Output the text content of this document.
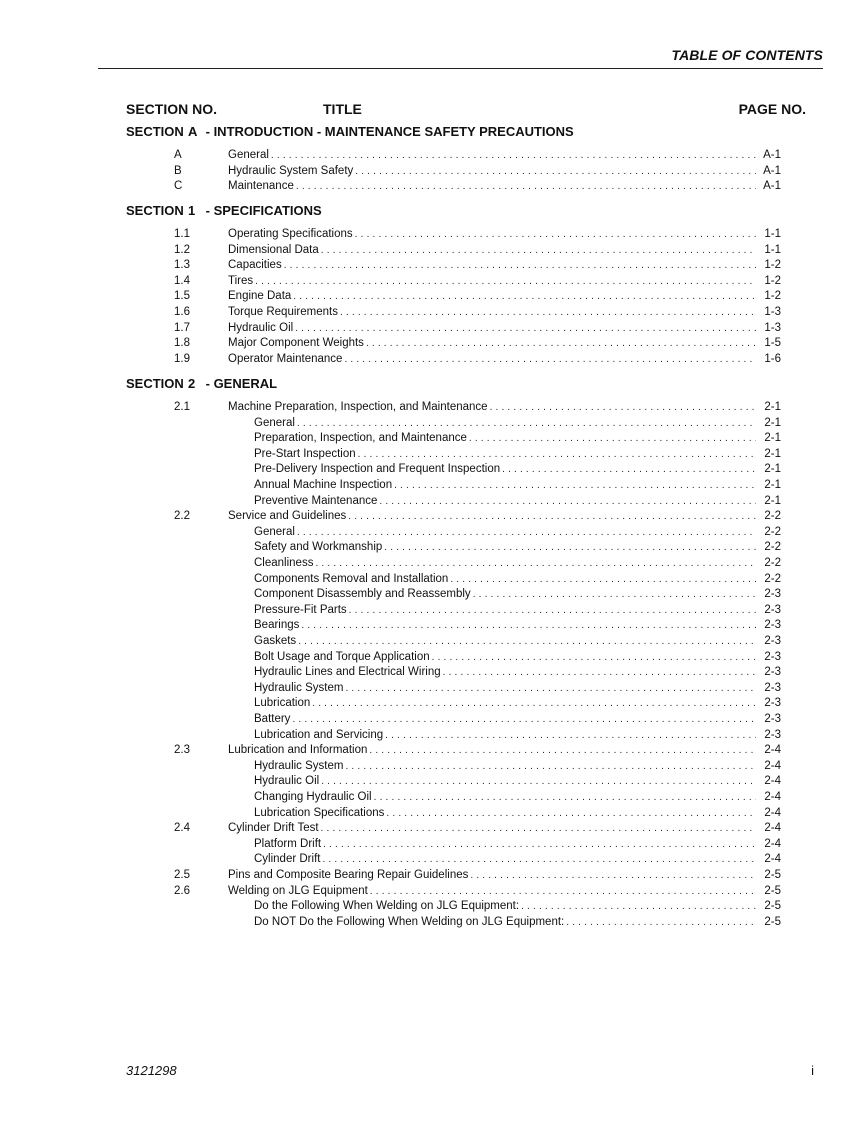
TABLE OF CONTENTS
SECTION NO.	TITLE	PAGE NO.
SECTION A - INTRODUCTION - MAINTENANCE SAFETY PRECAUTIONS
A	General . . .	A-1
B	Hydraulic System Safety . . .	A-1
C	Maintenance . . .	A-1
SECTION 1 - SPECIFICATIONS
1.1	Operating Specifications . . .	1-1
1.2	Dimensional Data . . .	1-1
1.3	Capacities . . .	1-2
1.4	Tires . . .	1-2
1.5	Engine Data . . .	1-2
1.6	Torque Requirements . . .	1-3
1.7	Hydraulic Oil . . .	1-3
1.8	Major Component Weights . . .	1-5
1.9	Operator Maintenance . . .	1-6
SECTION 2 - GENERAL
2.1	Machine Preparation, Inspection, and Maintenance . . .	2-1
General . . .	2-1
Preparation, Inspection, and Maintenance . . .	2-1
Pre-Start Inspection . . .	2-1
Pre-Delivery Inspection and Frequent Inspection . . .	2-1
Annual Machine Inspection . . .	2-1
Preventive Maintenance . . .	2-1
2.2	Service and Guidelines . . .	2-2
General . . .	2-2
Safety and Workmanship . . .	2-2
Cleanliness . . .	2-2
Components Removal and Installation . . .	2-2
Component Disassembly and Reassembly . . .	2-3
Pressure-Fit Parts . . .	2-3
Bearings . . .	2-3
Gaskets . . .	2-3
Bolt Usage and Torque Application . . .	2-3
Hydraulic Lines and Electrical Wiring . . .	2-3
Hydraulic System . . .	2-3
Lubrication . . .	2-3
Battery . . .	2-3
Lubrication and Servicing . . .	2-3
2.3	Lubrication and Information . . .	2-4
Hydraulic System . . .	2-4
Hydraulic Oil . . .	2-4
Changing Hydraulic Oil . . .	2-4
Lubrication Specifications . . .	2-4
2.4	Cylinder Drift Test . . .	2-4
Platform Drift . . .	2-4
Cylinder Drift . . .	2-4
2.5	Pins and Composite Bearing Repair Guidelines . . .	2-5
2.6	Welding on JLG Equipment . . .	2-5
Do the Following When Welding on JLG Equipment: . . .	2-5
Do NOT Do the Following When Welding on JLG Equipment: . . .	2-5
3121298	i
